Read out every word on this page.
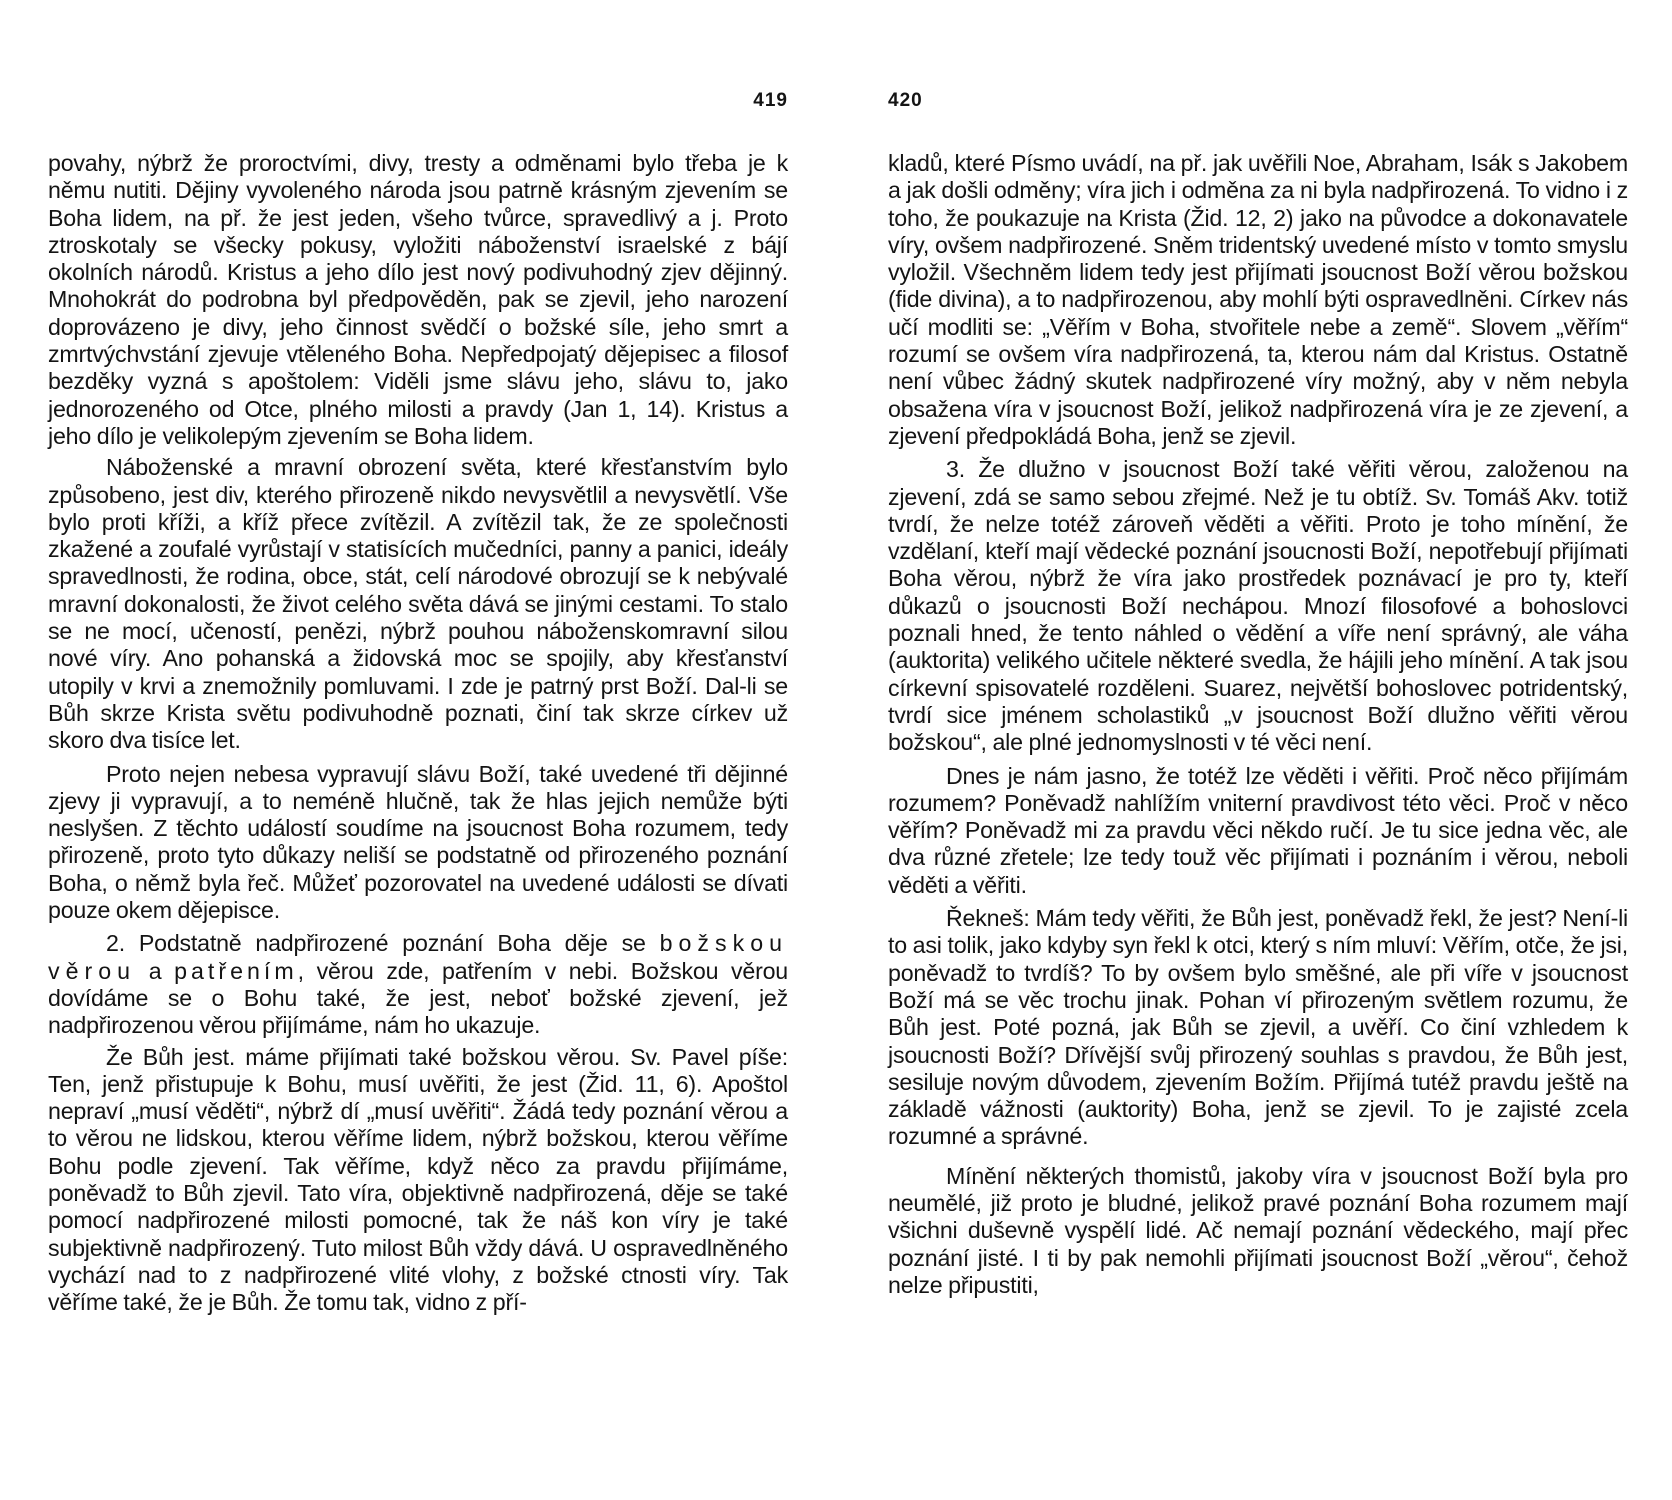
419

povahy, nýbrž že proroctvími, divy, tresty a odměnami bylo třeba je k němu nutiti. Dějiny vyvoleného národa jsou patrně krásným zjevením se Boha lidem, na př. že jest jeden, všeho tvůrce, spravedlivý a j. Proto ztroskotaly se všecky pokusy, vyložiti náboženství israelské z bájí okolních národů. Kristus a jeho dílo jest nový podivuhodný zjev dějinný. Mnohokrát do podrobna byl předpověděn, pak se zjevil, jeho narození doprovázeno je divy, jeho činnost svědčí o božské síle, jeho smrt a zmrtvýchvstání zjevuje vtěleného Boha. Nepředpojatý dějepisec a filosof bezděky vyzná s apoštolem: Viděli jsme slávu jeho, slávu to, jako jednorozeného od Otce, plného milosti a pravdy (Jan 1, 14). Kristus a jeho dílo je velikolepým zjevením se Boha lidem.

Náboženské a mravní obrození světa, které křesťanstvím bylo způsobeno, jest div, kterého přirozeně nikdo nevysvětlil a nevysvětlí. Vše bylo proti kříži, a kříž přece zvítězil. A zvítězil tak, že ze společnosti zkažené a zoufalé vyrůstají v statisících mučedníci, panny a panici, ideály spravedlnosti, že rodina, obce, stát, celí národové obrozují se k nebývalé mravní dokonalosti, že život celého světa dává se jinými cestami. To stalo se ne mocí, učeností, penězi, nýbrž pouhou náboženskomravní silou nové víry. Ano pohanská a židovská moc se spojily, aby křesťanství utopily v krvi a znemožnily pomluvami. I zde je patrný prst Boží. Dal-li se Bůh skrze Krista světu podivuhodně poznati, činí tak skrze církev už skoro dva tisíce let.

Proto nejen nebesa vypravují slávu Boží, také uvedené tři dějinné zjevy ji vypravují, a to neméně hlučně, tak že hlas jejich nemůže býti neslyšen. Z těchto událostí soudíme na jsoucnost Boha rozumem, tedy přirozeně, proto tyto důkazy neliší se podstatně od přirozeného poznání Boha, o němž byla řeč. Můžeť pozorovatel na uvedené události se dívati pouze okem dějepisce.

2. Podstatně nadpřirozené poznání Boha děje se božskou věrou a patřením, věrou zde, patřením v nebi. Božskou věrou dovídáme se o Bohu také, že jest, neboť božské zjevení, jež nadpřirozenou věrou přijímáme, nám ho ukazuje.

Že Bůh jest. máme přijímati také božskou věrou. Sv. Pavel píše: Ten, jenž přistupuje k Bohu, musí uvěřiti, že jest (Žid. 11, 6). Apoštol nepraví „musí věděti“, nýbrž dí „musí uvěřiti“. Žádá tedy poznání věrou a to věrou ne lidskou, kterou věříme lidem, nýbrž božskou, kterou věříme Bohu podle zjevení. Tak věříme, když něco za pravdu přijímáme, poněvadž to Bůh zjevil. Tato víra, objektivně nadpřirozená, děje se také pomocí nadpřirozené milosti pomocné, tak že náš kon víry je také subjektivně nadpřirozený. Tuto milost Bůh vždy dává. U ospravedlněného vychází nad to z nadpřirozené vlité vlohy, z božské ctnosti víry. Tak věříme také, že je Bůh. Že tomu tak, vidno z pří-

420

kladů, které Písmo uvádí, na př. jak uvěřili Noe, Abraham, Isák s Jakobem a jak došli odměny; víra jich i odměna za ni byla nadpřirozená. To vidno i z toho, že poukazuje na Krista (Žid. 12, 2) jako na původce a dokonavatele víry, ovšem nadpřirozené. Sněm tridentský uvedené místo v tomto smyslu vyložil. Všechněm lidem tedy jest přijímati jsoucnost Boží věrou božskou (fide divina), a to nadpřirozenou, aby mohlí býti ospravedlněni. Církev nás učí modliti se: „Věřím v Boha, stvořitele nebe a země“. Slovem „věřím“ rozumí se ovšem víra nadpřirozená, ta, kterou nám dal Kristus. Ostatně není vůbec žádný skutek nadpřirozené víry možný, aby v něm nebyla obsažena víra v jsoucnost Boží, jelikož nadpřirozená víra je ze zjevení, a zjevení předpokládá Boha, jenž se zjevil.

3. Že dlužno v jsoucnost Boží také věřiti věrou, založenou na zjevení, zdá se samo sebou zřejmé. Než je tu obtíž. Sv. Tomáš Akv. totiž tvrdí, že nelze totéž zároveň věděti a věřiti. Proto je toho mínění, že vzdělaní, kteří mají vědecké poznání jsoucnosti Boží, nepotřebují přijímati Boha věrou, nýbrž že víra jako prostředek poznávací je pro ty, kteří důkazů o jsoucnosti Boží nechápou. Mnozí filosofové a bohoslovci poznali hned, že tento náhled o vědění a víře není správný, ale váha (auktorita) velikého učitele některé svedla, že hájili jeho mínění. A tak jsou církevní spisovatelé rozděleni. Suarez, největší bohoslovec potridentský, tvrdí sice jménem scholastiků „v jsoucnost Boží dlužno věřiti věrou božskou“, ale plné jednomyslnosti v té věci není.

Dnes je nám jasno, že totéž lze věděti i věřiti. Proč něco přijímám rozumem? Poněvadž nahlížím vniterní pravdivost této věci. Proč v něco věřím? Poněvadž mi za pravdu věci někdo ručí. Je tu sice jedna věc, ale dva různé zřetele; lze tedy touž věc přijímati i poznáním i věrou, neboli věděti a věřiti.

Řekneš: Mám tedy věřiti, že Bůh jest, poněvadž řekl, že jest? Není-li to asi tolik, jako kdyby syn řekl k otci, který s ním mluví: Věřím, otče, že jsi, poněvadž to tvrdíš? To by ovšem bylo směšné, ale při víře v jsoucnost Boží má se věc trochu jinak. Pohan ví přirozeným světlem rozumu, že Bůh jest. Poté pozná, jak Bůh se zjevil, a uvěří. Co činí vzhledem k jsoucnosti Boží? Dřívější svůj přirozený souhlas s pravdou, že Bůh jest, sesiluje novým důvodem, zjevením Božím. Přijímá tutéž pravdu ještě na základě vážnosti (auktority) Boha, jenž se zjevil. To je zajisté zcela rozumné a správné.

Mínění některých thomistů, jakoby víra v jsoucnost Boží byla pro neumělé, již proto je bludné, jelikož pravé poznání Boha rozumem mají všichni duševně vyspělí lidé. Ač nemají poznání vědeckého, mají přec poznání jisté. I ti by pak nemohli přijímati jsoucnost Boží „věrou“, čehož nelze připustiti,
